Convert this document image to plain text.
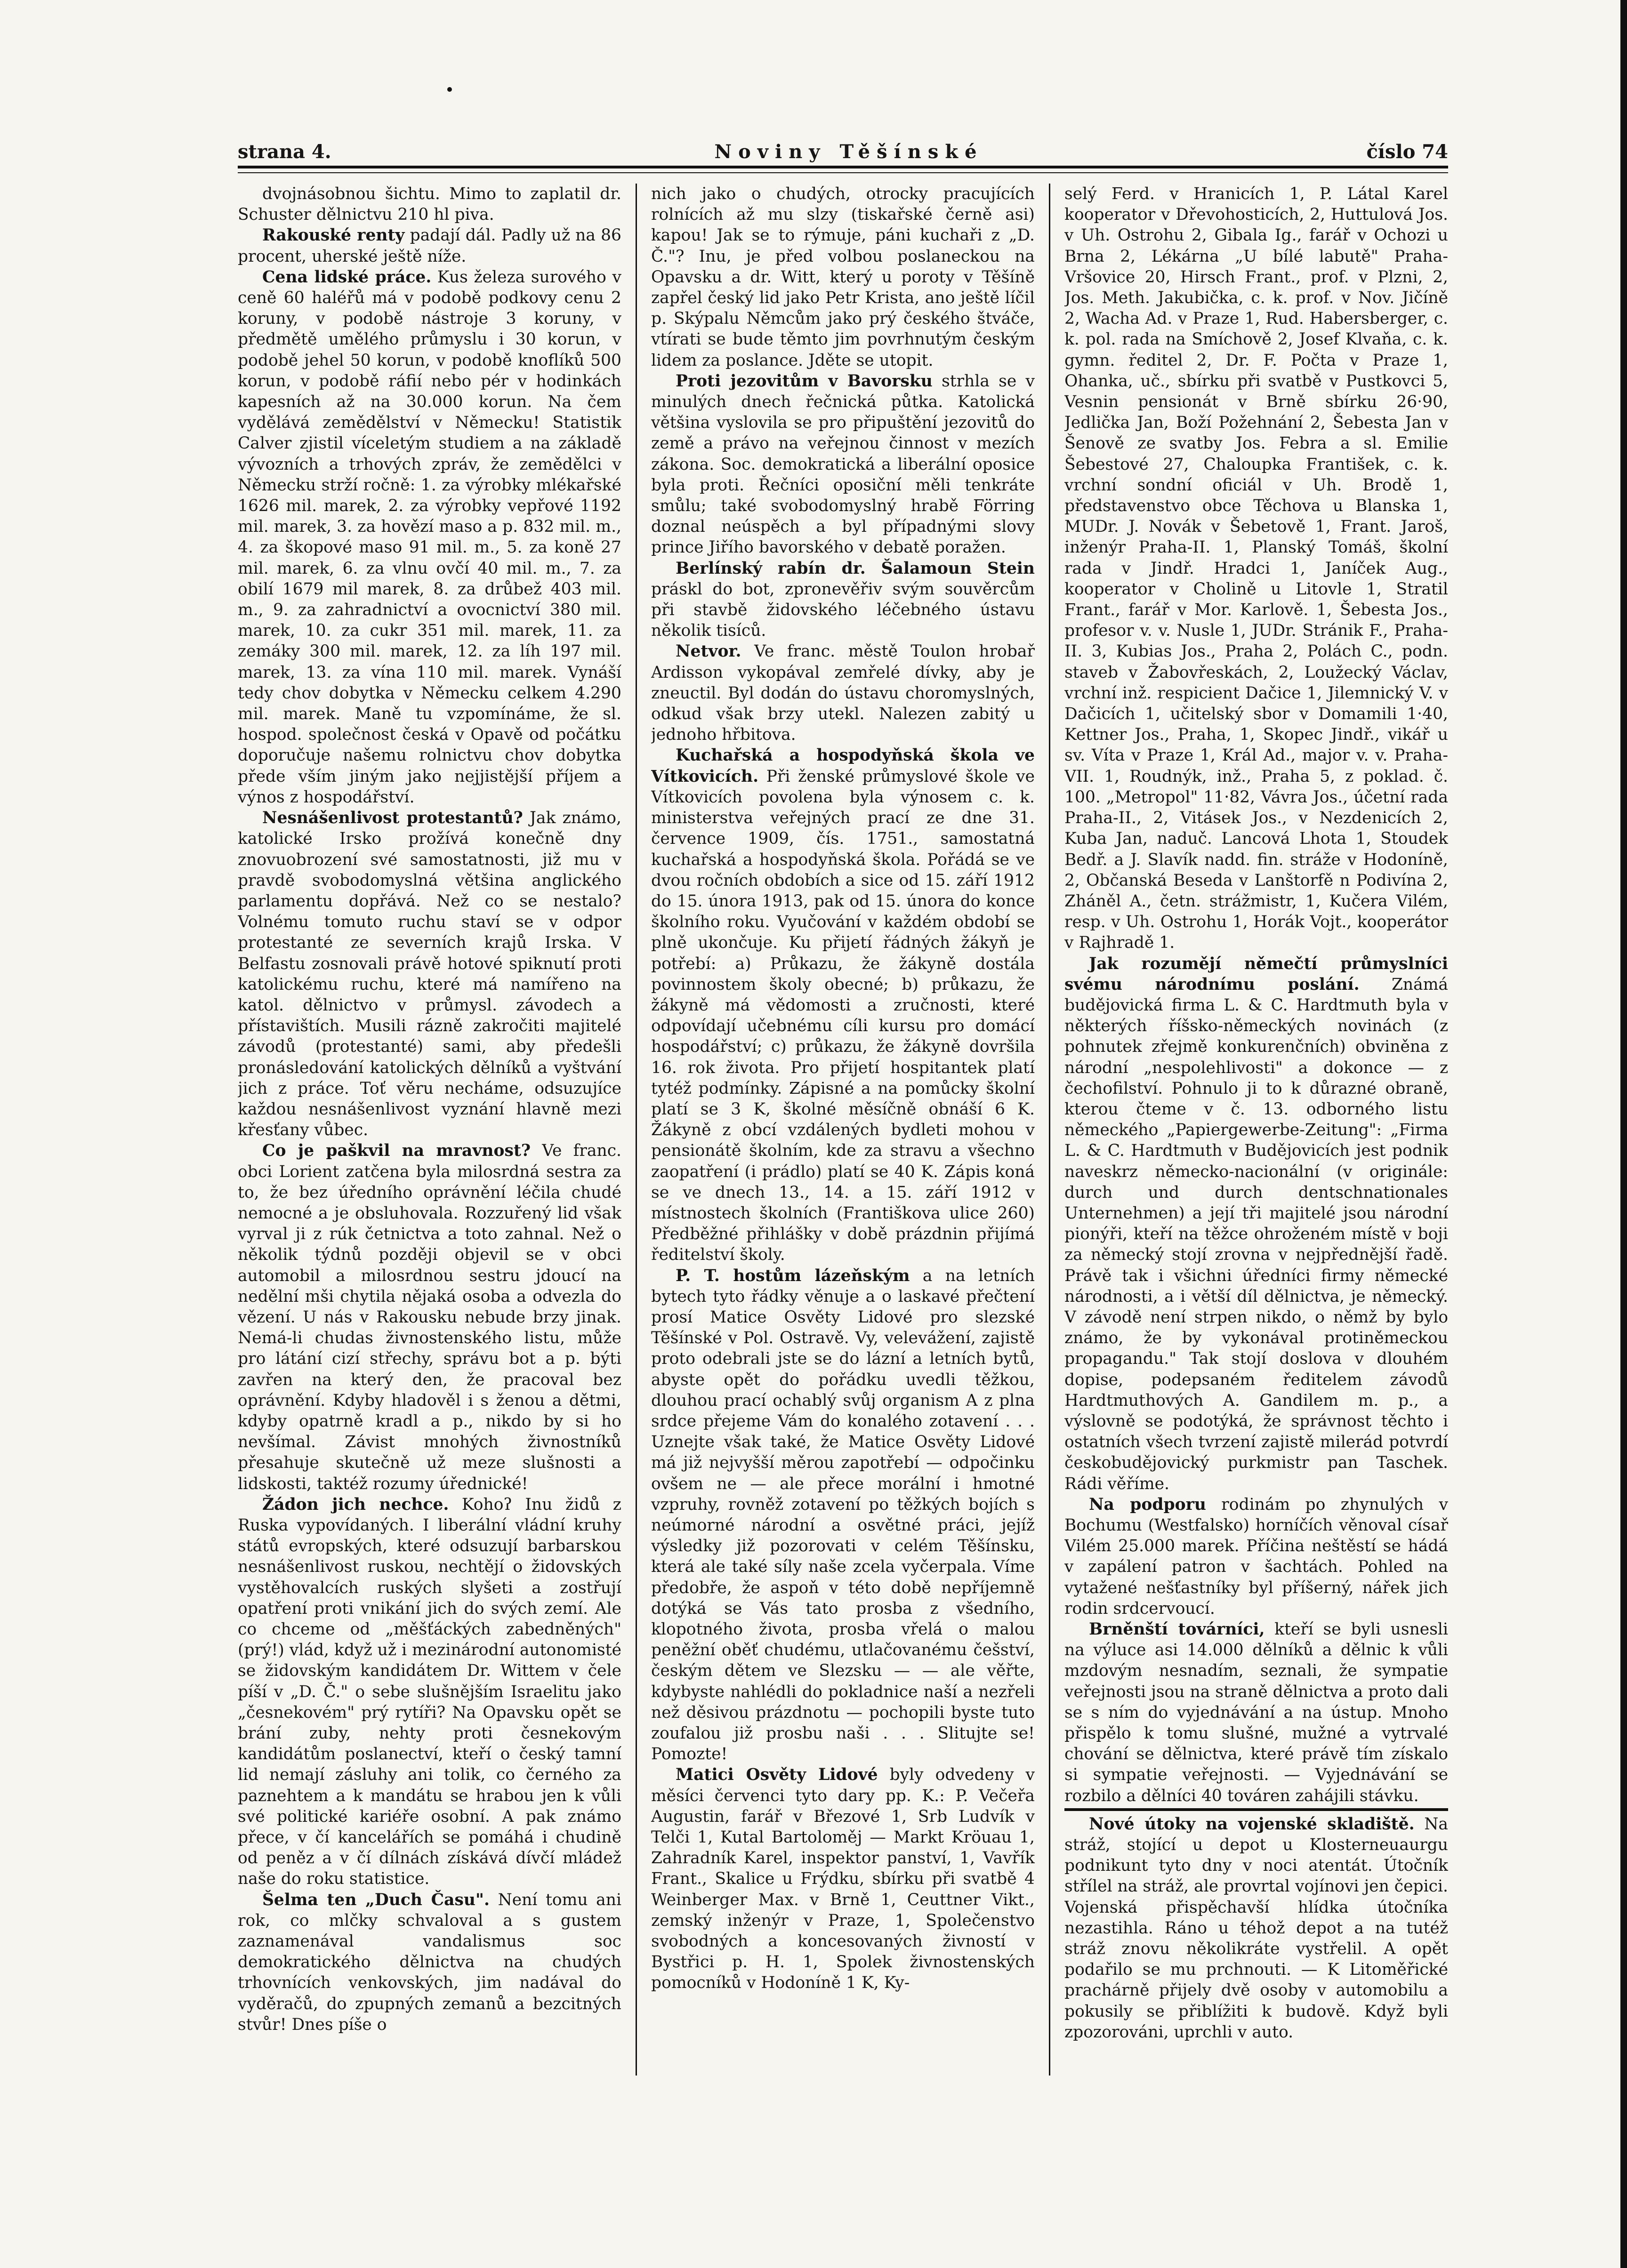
strana 4.	Noviny Těšínské	číslo 74

dvojnásobnou šichtu. Mimo to zaplatil dr. Schuster dělnictvu 210 hl piva.

Rakouské renty padají dál. Padly už na 86 procent, uherské ještě níže.

Cena lidské práce. Kus železa surového v ceně 60 haléřů má v podobě podkovy cenu 2 koruny, v podobě nástroje 3 koruny, v předmětě umělého průmyslu i 30 korun, v podobě jehel 50 korun, v podobě knoflíků 500 korun, v podobě ráfií nebo pér v hodinkách kapesních až na 30.000 korun. Na čem vydělává zemědělství v Německu! Statistik Calver zjistil víceletým studiem a na základě vývozních a trhových zpráv, že zemědělci v Německu strží ročně: 1. za výrobky mlékařské 1626 mil. marek, 2. za výrobky vepřové 1192 mil. marek, 3. za hovězí maso a p. 832 mil. m., 4. za škopové maso 91 mil. m., 5. za koně 27 mil. marek, 6. za vlnu ovčí 40 mil. m., 7. za obilí 1679 mil marek, 8. za drůbež 403 mil. m., 9. za zahradnictví a ovocnictví 380 mil. marek, 10. za cukr 351 mil. marek, 11. za zemáky 300 mil. marek, 12. za líh 197 mil. marek, 13. za vína 110 mil. marek. Vynáší tedy chov dobytka v Německu celkem 4.290 mil. marek. Maně tu vzpomínáme, že sl. hospod. společnost česká v Opavě od počátku doporučuje našemu rolnictvu chov dobytka přede vším jiným jako nejjistější příjem a výnos z hospodářství.

Nesnášenlivost protestantů? Jak známo, katolické Irsko prožívá konečně dny znovuobrození své samostatnosti, již mu v pravdě svobodomyslná většina anglického parlamentu dopřává. Než co se nestalo? Volnému tomuto ruchu staví se v odpor protestanté ze severních krajů Irska. V Belfastu zosnovali právě hotové spiknutí proti katolickému ruchu, které má namířeno na katol. dělnictvo v průmysl. závodech a přístavištích. Musili rázně zakročiti majitelé závodů (protestanté) sami, aby předešli pronásledování katolických dělníků a vyštvání jich z práce. Toť věru necháme, odsuzujíce každou nesnášenlivost vyznání hlavně mezi křesťany vůbec.

Co je paškvil na mravnost? Ve franc. obci Lorient zatčena byla milosrdná sestra za to, že bez úředního oprávnění léčila chudé nemocné a je obsluhovala. Rozzuřený lid však vyrval ji z rúk četnictva a toto zahnal. Než o několik týdnů později objevil se v obci automobil a milosrdnou sestru jdoucí na nedělní mši chytila nějaká osoba a odvezla do vězení. U nás v Rakousku nebude brzy jinak. Nemá-li chudas živnostenského listu, může pro látání cizí střechy, správu bot a p. býti zavřen na který den, že pracoval bez oprávnění. Kdyby hladověl i s ženou a dětmi, kdyby opatrně kradl a p., nikdo by si ho nevšímal. Závist mnohých živnostníků přesahuje skutečně už meze slušnosti a lidskosti, taktéž rozumy úřednické!

Žádon jich nechce. Kohoʔ Inu židů z Ruska vypovídaných. I liberální vládní kruhy států evropských, které odsuzují barbarskou nesnášenlivost ruskou, nechtějí o židovských vystěhovalcích ruských slyšeti a zostřují opatření proti vnikání jich do svých zemí. Ale co chceme od „měšťáckých zabedněných" (prý!) vlád, když už i mezinárodní autonomisté se židovským kandidátem Dr. Wittem v čele píší v „D. Č." o sebe slušnějším Israelitu jako „česnekovém" prý rytíři? Na Opavsku opět se brání zuby, nehty proti česnekovým kandidátům poslanectví, kteří o český tamní lid nemají zásluhy ani tolik, co černého za paznehtem a k mandátu se hrabou jen k vůli své politické kariéře osobní. A pak známo přece, v čí kancelářích se pomáhá i chudině od peněz a v čí dílnách získává dívčí mládež naše do roku statistice.

Šelma ten „Duch Času". Není tomu ani rok, co mlčky schvaloval a s gustem zaznamenával vandalismus soc demokratického dělnictva na chudých trhovnících venkovských, jim nadával do vyděračů, do zpupných zemanů a bezcitných stvůr! Dnes píše o

nich jako o chudých, otrocky pracujících rolnících až mu slzy (tiskařské černě asi) kapou! Jak se to rýmuje, páni kuchaři z „D. Č."? Inu, je před volbou poslaneckou na Opavsku a dr. Witt, který u poroty v Těšíně zapřel český lid jako Petr Krista, ano ještě líčil p. Skýpalu Němcům jako prý českého štváče, vtírati se bude těmto jim povrhnutým českým lidem za poslance. Jděte se utopit.

Proti jezovitům v Bavorsku strhla se v minulých dnech řečnická půtka. Katolická většina vyslovila se pro připuštění jezovitů do země a právo na veřejnou činnost v mezích zákona. Soc. demokratická a liberální oposice byla proti. Řečníci oposiční měli tenkráte smůlu; také svobodomyslný hrabě Förring doznal neúspěch a byl případnými slovy prince Jiřího bavorského v debatě poražen.

Berlínský rabín dr. Šalamoun Stein práskl do bot, zpronevěřiv svým souvěrcům při stavbě židovského léčebného ústavu několik tisíců.

Netvor. Ve franc. městě Toulon hrobař Ardisson vykopával zemřelé dívky, aby je zneuctil. Byl dodán do ústavu choromyslných, odkud však brzy utekl. Nalezen zabitý u jednoho hřbitova.

Kuchařská a hospodyňská škola ve Vítkovicích. Při ženské průmyslové škole ve Vítkovicích povolena byla výnosem c. k. ministerstva veřejných prací ze dne 31. července 1909, čís. 1751., samostatná kuchařská a hospodyňská škola. Pořádá se ve dvou ročních obdobích a sice od 15. září 1912 do 15. února 1913, pak od 15. února do konce školního roku. Vyučování v každém období se plně ukončuje. Ku přijetí řádných žákyň je potřebí: a) Průkazu, že žákyně dostála povinnostem školy obecné; b) průkazu, že žákyně má vědomosti a zručnosti, které odpovídají učebnému cíli kursu pro domácí hospodářství; c) průkazu, že žákyně dovršila 16. rok života. Pro přijetí hospitantek platí tytéž podmínky. Zápisné a na pomůcky školní platí se 3 K, školné měsíčně obnáší 6 K. Žákyně z obcí vzdálených bydleti mohou v pensionátě školním, kde za stravu a všechno zaopatření (i prádlo) platí se 40 K. Zápis koná se ve dnech 13., 14. a 15. září 1912 v místnostech školních (Františkova ulice 260) Předběžné přihlášky v době prázdnin přijímá ředitelství školy.

P. T. hostům lázeňským a na letních bytech tyto řádky věnuje a o laskavé přečtení prosí Matice Osvěty Lidové pro slezské Těšínské v Pol. Ostravě. Vy, velevážení, zajistě proto odebrali jste se do lázní a letních bytů, abyste opět do pořádku uvedli těžkou, dlouhou prací ochablý svůj organism A z plna srdce přejeme Vám do konalého zotavení . . . Uznejte však také, že Matice Osvěty Lidové má již nejvyšší měrou zapotřebí — odpočinku ovšem ne — ale přece morální i hmotné vzpruhy, rovněž zotavení po těžkých bojích s neúmorné národní a osvětné práci, jejíž výsledky již pozorovati v celém Těšínsku, která ale také síly naše zcela vyčerpala. Víme předobře, že aspoň v této době nepříjemně dotýká se Vás tato prosba z všedního, klopotného života, prosba vřelá o malou peněžní oběť chudému, utlačovanému češství, českým dětem ve Slezsku — — ale věřte, kdybyste nahlédli do pokladnice naší a nezřeli než děsivou prázdnotu — pochopili byste tuto zoufalou již prosbu naši . . . Slitujte se! Pomozte!

Matici Osvěty Lidové byly odvedeny v měsíci červenci tyto dary pp. K.: P. Večeřa Augustin, farář v Březové 1, Srb Ludvík v Telči 1, Kutal Bartoloměj — Markt Kröuau 1, Zahradník Karel, inspektor panství, 1, Vavřík Frant., Skalice u Frýdku, sbírku při svatbě 4 Weinberger Max. v Brně 1, Ceuttner Vikt., zemský inženýr v Praze, 1, Společenstvo svobodných a koncesovaných živností v Bystřici p. H. 1, Spolek živnostenských pomocníků v Hodoníně 1 K, Ky-

selý Ferd. v Hranicích 1, P. Látal Karel kooperator v Dřevohosticích, 2, Huttulová Jos. v Uh. Ostrohu 2, Gibala Ig., farář v Ochozi u Brna 2, Lékárna „U bílé labutě" Praha-Vršovice 20, Hirsch Frant., prof. v Plzni, 2, Jos. Meth. Jakubička, c. k. prof. v Nov. Jičíně 2, Wacha Ad. v Praze 1, Rud. Habersberger, c. k. pol. rada na Smíchově 2, Josef Klvaňa, c. k. gymn. ředitel 2, Dr. F. Počta v Praze 1, Ohanka, uč., sbírku při svatbě v Pustkovci 5, Vesnin pensionát v Brně sbírku 26·90, Jedlička Jan, Boží Požehnání 2, Šebesta Jan v Šenově ze svatby Jos. Febra a sl. Emilie Šebestové 27, Chaloupka František, c. k. vrchní sondní oficiál v Uh. Brodě 1, představenstvo obce Těchova u Blanska 1, MUDr. J. Novák v Šebetově 1, Frant. Jaroš, inženýr Praha-II. 1, Planský Tomáš, školní rada v Jindř. Hradci 1, Janíček Aug., kooperator v Cholině u Litovle 1, Stratil Frant., farář v Mor. Karlově. 1, Šebesta Jos., profesor v. v. Nusle 1, JUDr. Stránik F., Praha-II. 3, Kubias Jos., Praha 2, Polách C., podn. staveb v Žabovřeskách, 2, Loužecký Václav, vrchní inž. respicient Dačice 1, Jilemnický V. v Dačicích 1, učitelský sbor v Domamili 1·40, Kettner Jos., Praha, 1, Skopec Jindř., vikář u sv. Víta v Praze 1, Král Ad., major v. v. Praha-VII. 1, Roudnýk, inž., Praha 5, z poklad. č. 100. „Metropol" 11·82, Vávra Jos., účetní rada Praha-II., 2, Vitásek Jos., v Nezdenicích 2, Kuba Jan, naduč. Lancová Lhota 1, Stoudek Bedř. a J. Slavík nadd. fin. stráže v Hodoníně, 2, Občanská Beseda v Lanštorfě n Podivína 2, Zháněl A., četn. strážmistr, 1, Kučera Vilém, resp. v Uh. Ostrohu 1, Horák Vojt., kooperátor v Rajhradě 1.

Jak rozumějí němečtí průmyslníci svému národnímu poslání. Známá budějovická firma L. & C. Hardtmuth byla v některých říšsko-německých novinách (z pohnutek zřejmě konkurenčních) obviněna z národní „nespolehlivosti" a dokonce — z čechofilství. Pohnulo ji to k důrazné obraně, kterou čteme v č. 13. odborného listu německého „Papiergewerbe-Zeitung": „Firma L. & C. Hardtmuth v Budějovicích jest podnik naveskrz německo-nacionální (v originále: durch und durch dentschnationales Unternehmen) a její tři majitelé jsou národní pionýři, kteří na těžce ohroženém místě v boji za německý stojí zrovna v nejpřednější řadě. Právě tak i všichni úředníci firmy německé národnosti, a i větší díl dělnictva, je německý. V závodě není strpen nikdo, o němž by bylo známo, že by vykonával protiněmeckou propagandu." Tak stojí doslova v dlouhém dopise, podepsaném ředitelem závodů Hardtmuthových A. Gandilem m. p., a výslovně se podotýká, že správnost těchto i ostatních všech tvrzení zajistě milerád potvrdí českobudějovický purkmistr pan Taschek. Rádi věříme.

Na podporu rodinám po zhynulých v Bochumu (Westfalsko) horníčích věnoval císař Vilém 25.000 marek. Příčina neštěstí se hádá v zapálení patron v šachtách. Pohled na vytažené nešťastníky byl příšerný, nářek jich rodin srdcervoucí.

Brněnští továrníci, kteří se byli usnesli na výluce asi 14.000 dělníků a dělnic k vůli mzdovým nesnadím, seznali, že sympatie veřejnosti jsou na straně dělnictva a proto dali se s ním do vyjednávání a na ústup. Mnoho přispělo k tomu slušné, mužné a vytrvalé chování se dělnictva, které právě tím získalo si sympatie veřejnosti. — Vyjednávání se rozbilo a dělníci 40 továren zahájili stávku.

Nové útoky na vojenské skladiště. Na stráž, stojící u depot u Klosterneuaurgu podnikunt tyto dny v noci atentát. Útočník střílel na stráž, ale provrtal vojínovi jen čepici. Vojenská přispěchavší hlídka útočníka nezastihla. Ráno u téhož depot a na tutéž stráž znovu několikráte vystřelil. A opět podařilo se mu prchnouti. — K Litoměřické prachárně přijely dvě osoby v automobilu a pokusily se přiblížiti k budově. Když byli zpozorováni, uprchli v auto.
